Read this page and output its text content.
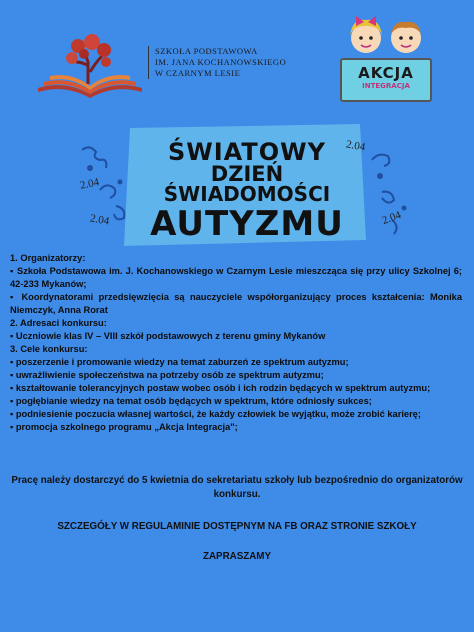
SZKOŁA PODSTAWOWA
IM. JANA KOCHANOWSKIEGO
W CZARNYM LESIE	AKCJA
INTEGRACJA
2.04
2.04
2.04
2.04
ŚWIATOWY
DZIEŃ
ŚWIADOMOŚCI
AUTYZMU

1. Organizatorzy:

▪ Szkoła Podstawowa im. J. Kochanowskiego w Czarnym Lesie mieszcząca się przy ulicy Szkolnej 6; 42-233 Mykanów;

▪ Koordynatorami przedsięwzięcia są nauczyciele współorganizujący proces kształcenia: Monika Niemczyk, Anna Rorat

2. Adresaci konkursu:

▪ Uczniowie klas IV – VIII szkół podstawowych z terenu gminy Mykanów

3. Cele konkursu:

▪ poszerzenie i promowanie wiedzy na temat zaburzeń ze spektrum autyzmu;

▪ uwrażliwienie społeczeństwa na potrzeby osób ze spektrum autyzmu;

▪ kształtowanie tolerancyjnych postaw wobec osób i ich rodzin będących w spektrum autyzmu;

▪ pogłębianie wiedzy na temat osób będących w spektrum, które odniosły sukces;

▪ podniesienie poczucia własnej wartości, że każdy człowiek be wyjątku, może zrobić karierę;

▪ promocja szkolnego programu „Akcja Integracja";

Pracę należy dostarczyć do 5 kwietnia do sekretariatu szkoły lub bezpośrednio do organizatorów konkursu.
SZCZEGÓŁY W REGULAMINIE DOSTĘPNYM NA FB ORAZ STRONIE SZKOŁY
ZAPRASZAMY
